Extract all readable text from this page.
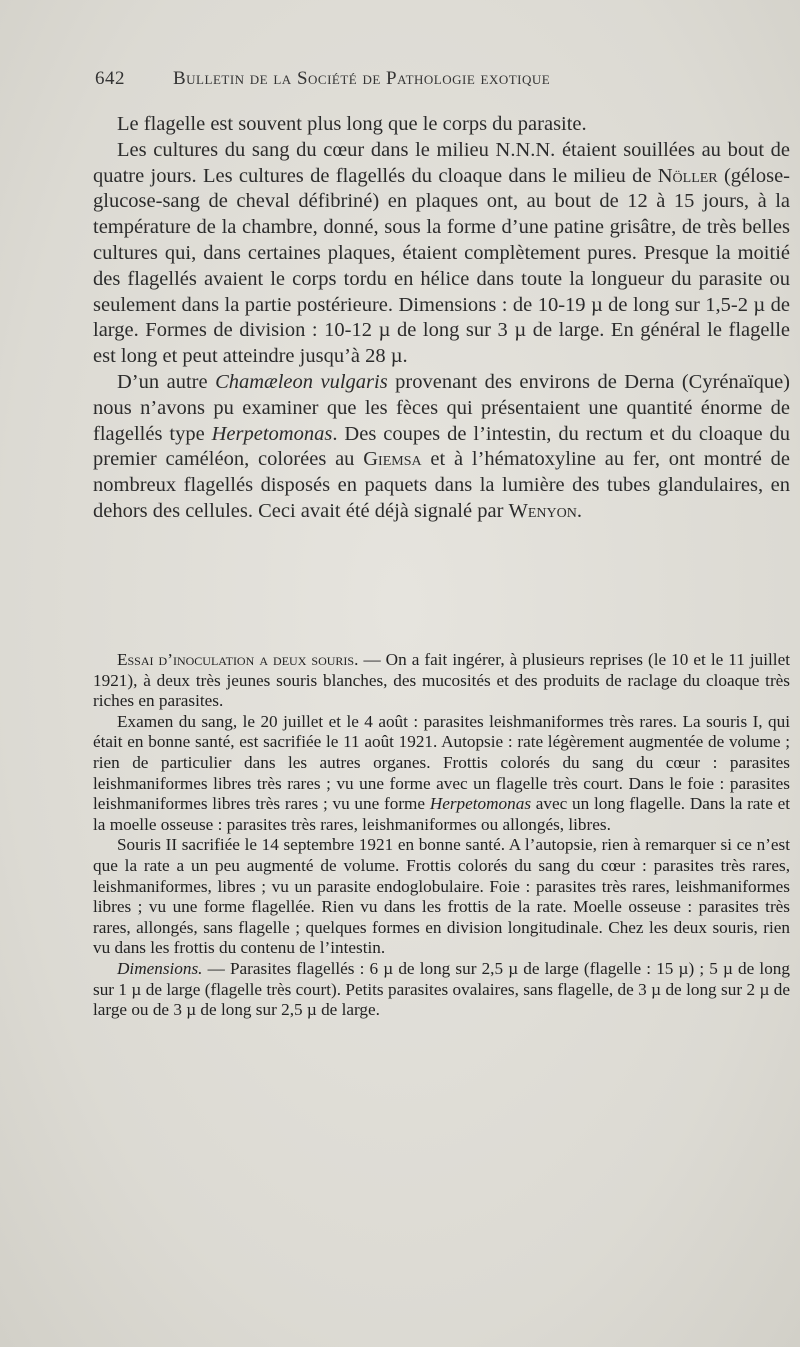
642	Bulletin de la Société de Pathologie exotique

Le flagelle est souvent plus long que le corps du parasite.

Les cultures du sang du cœur dans le milieu N.N.N. étaient souillées au bout de quatre jours. Les cultures de flagellés du cloaque dans le milieu de Nöller (gélose-glucose-sang de cheval défibriné) en plaques ont, au bout de 12 à 15 jours, à la température de la chambre, donné, sous la forme d’une patine grisâtre, de très belles cultures qui, dans certaines plaques, étaient complètement pures. Presque la moitié des flagellés avaient le corps tordu en hélice dans toute la longueur du parasite ou seulement dans la partie postérieure. Dimensions : de 10-19 µ de long sur 1,5-2 µ de large. Formes de division : 10-12 µ de long sur 3 µ de large. En général le flagelle est long et peut atteindre jusqu’à 28 µ.

D’un autre Chamæleon vulgaris provenant des environs de Derna (Cyrénaïque) nous n’avons pu examiner que les fèces qui présentaient une quantité énorme de flagellés type Herpetomonas. Des coupes de l’intestin, du rectum et du cloaque du premier caméléon, colorées au Giemsa et à l’hématoxyline au fer, ont montré de nombreux flagellés disposés en paquets dans la lumière des tubes glandulaires, en dehors des cellules. Ceci avait été déjà signalé par Wenyon.

Essai d’inoculation a deux souris. — On a fait ingérer, à plusieurs reprises (le 10 et le 11 juillet 1921), à deux très jeunes souris blanches, des mucosités et des produits de raclage du cloaque très riches en parasites.

Examen du sang, le 20 juillet et le 4 août : parasites leishmaniformes très rares. La souris I, qui était en bonne santé, est sacrifiée le 11 août 1921. Autopsie : rate légèrement augmentée de volume ; rien de particulier dans les autres organes. Frottis colorés du sang du cœur : parasites leishmaniformes libres très rares ; vu une forme avec un flagelle très court. Dans le foie : parasites leishmaniformes libres très rares ; vu une forme Herpetomonas avec un long flagelle. Dans la rate et la moelle osseuse : parasites très rares, leishmaniformes ou allongés, libres.

Souris II sacrifiée le 14 septembre 1921 en bonne santé. A l’autopsie, rien à remarquer si ce n’est que la rate a un peu augmenté de volume. Frottis colorés du sang du cœur : parasites très rares, leishmaniformes, libres ; vu un parasite endoglobulaire. Foie : parasites très rares, leishmaniformes libres ; vu une forme flagellée. Rien vu dans les frottis de la rate. Moelle osseuse : parasites très rares, allongés, sans flagelle ; quelques formes en division longitudinale. Chez les deux souris, rien vu dans les frottis du contenu de l’intestin.

Dimensions. — Parasites flagellés : 6 µ de long sur 2,5 µ de large (flagelle : 15 µ) ; 5 µ de long sur 1 µ de large (flagelle très court). Petits parasites ovalaires, sans flagelle, de 3 µ de long sur 2 µ de large ou de 3 µ de long sur 2,5 µ de large.
